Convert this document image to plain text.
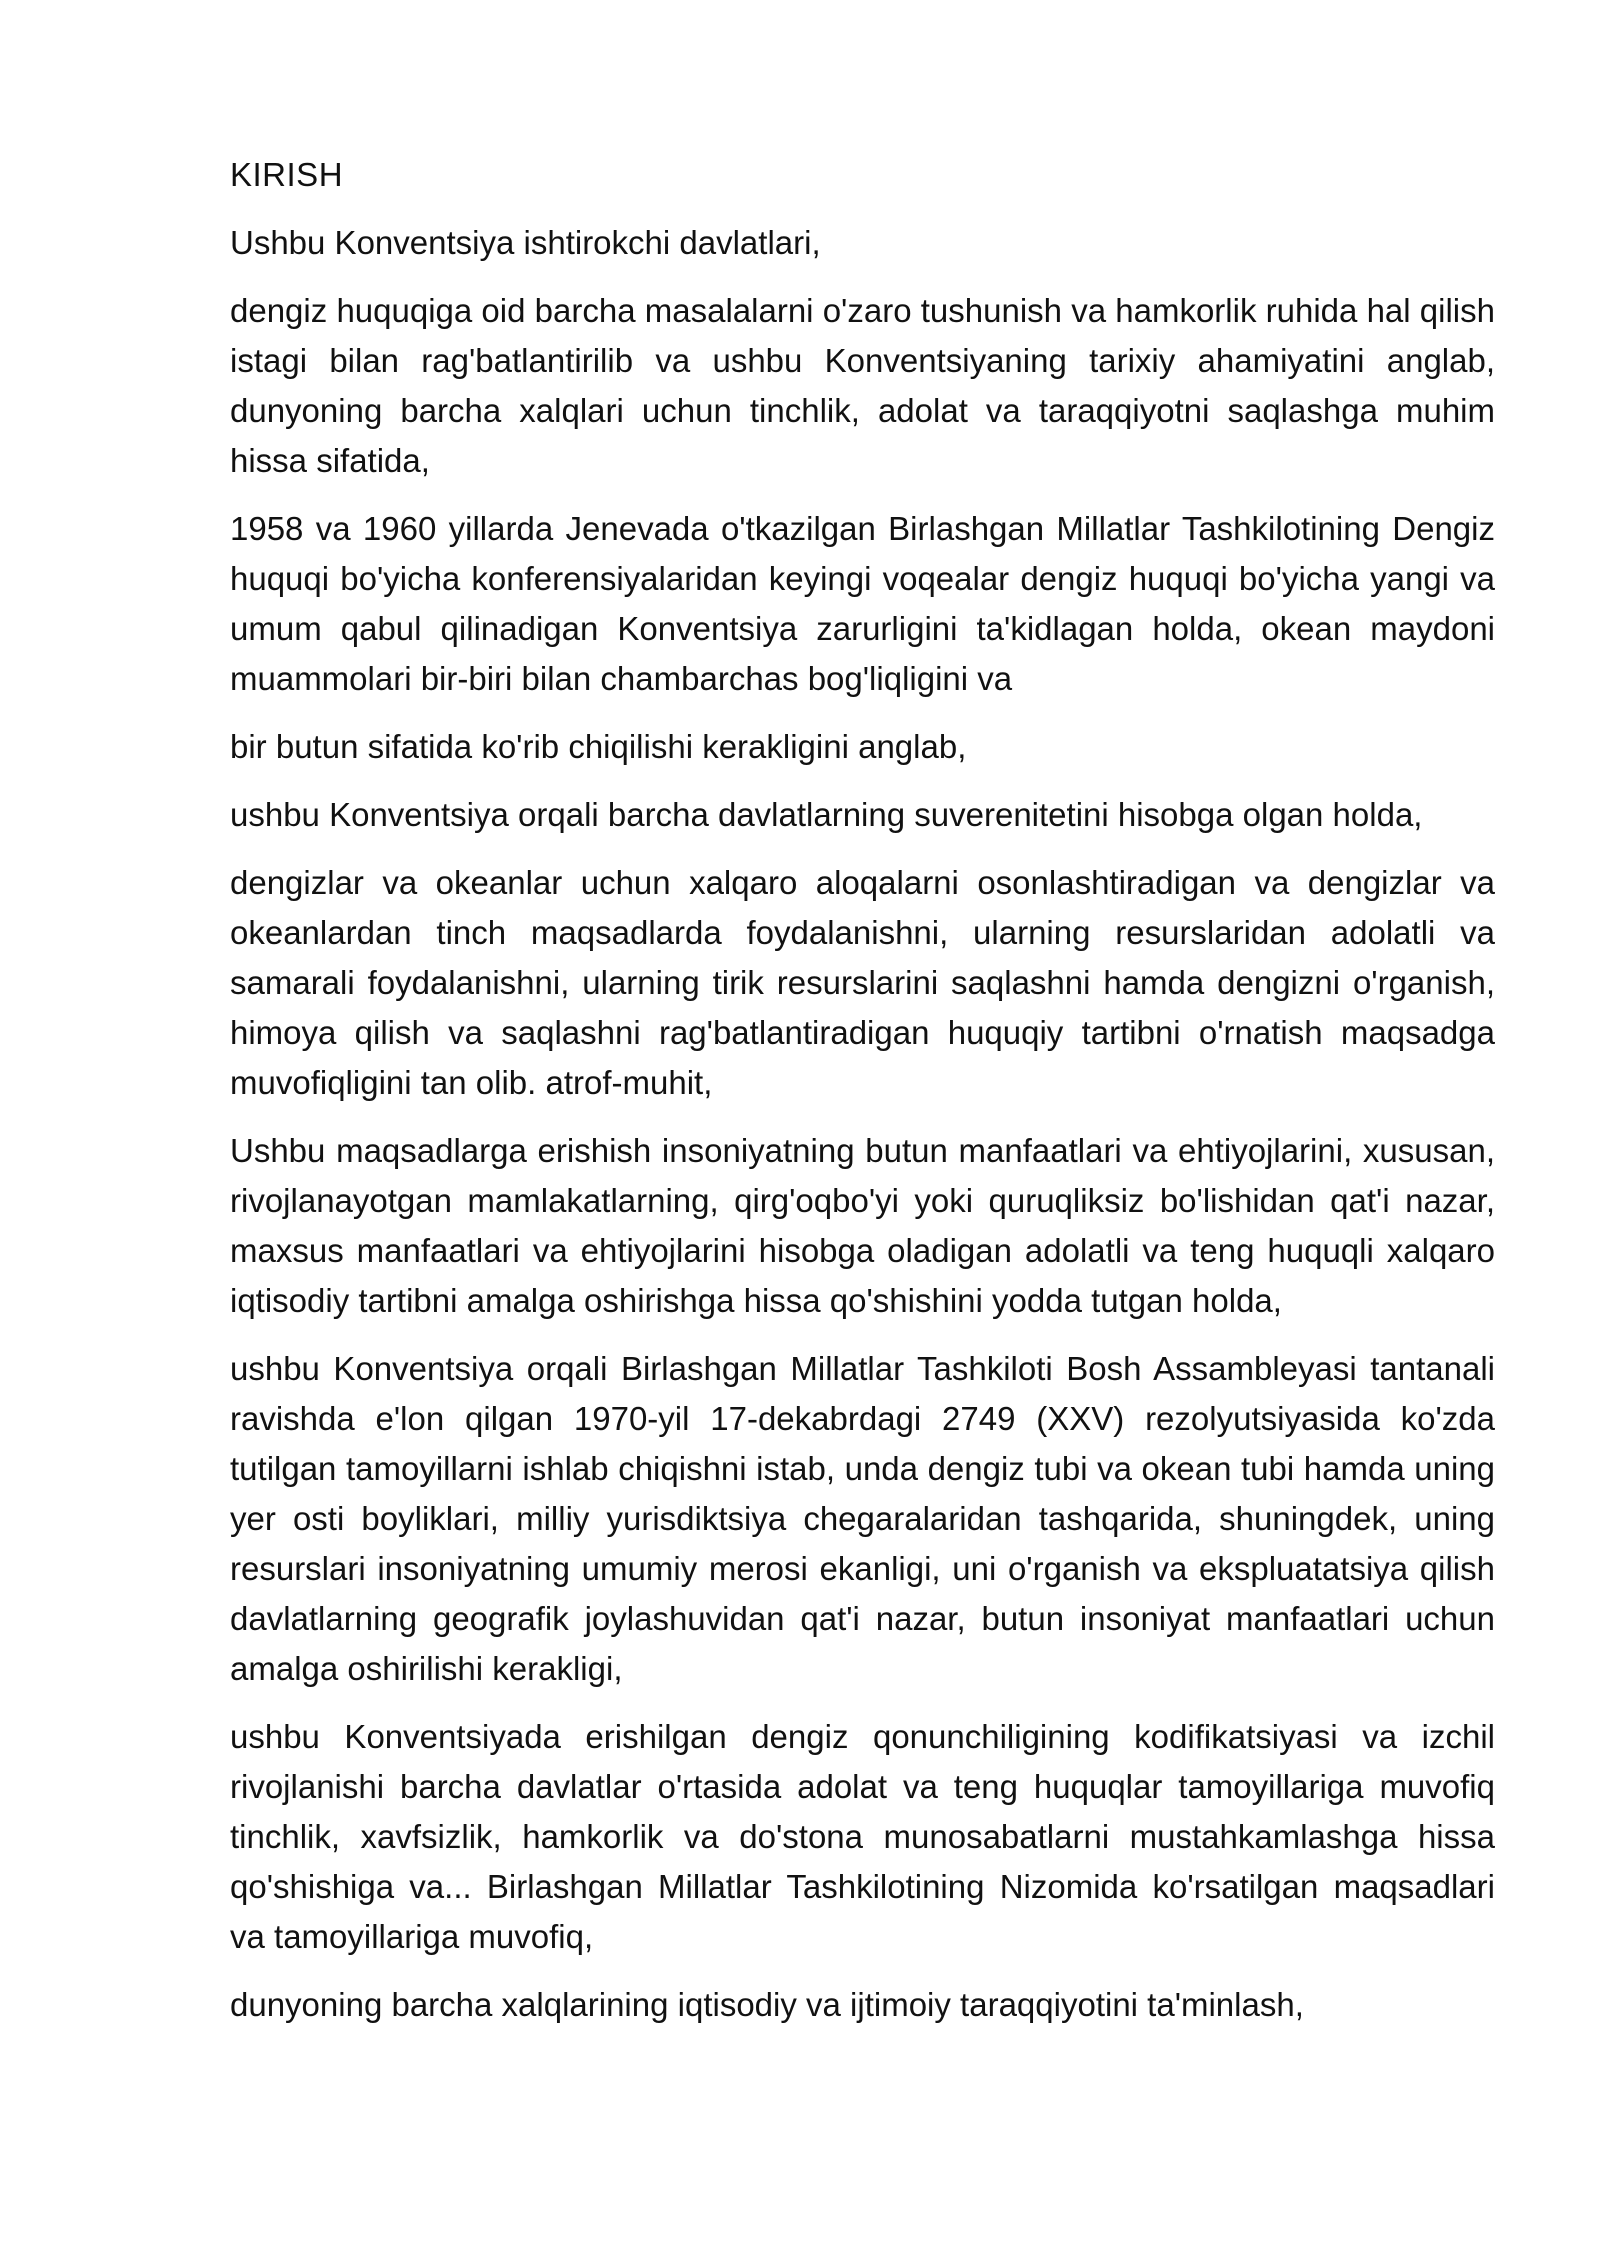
KIRISH

Ushbu Konventsiya ishtirokchi davlatlari,

dengiz huquqiga oid barcha masalalarni o'zaro tushunish va hamkorlik ruhida hal qilish istagi bilan rag'batlantirilib va ushbu Konventsiyaning tarixiy ahamiyatini anglab, dunyoning barcha xalqlari uchun tinchlik, adolat va taraqqiyotni saqlashga muhim hissa sifatida,

1958 va 1960 yillarda Jenevada o'tkazilgan Birlashgan Millatlar Tashkilotining Dengiz huquqi bo'yicha konferensiyalaridan keyingi voqealar dengiz huquqi bo'yicha yangi va umum qabul qilinadigan Konventsiya zarurligini ta'kidlagan holda, okean maydoni muammolari bir-biri bilan chambarchas bog'liqligini va

bir butun sifatida ko'rib chiqilishi kerakligini anglab,

ushbu Konventsiya orqali barcha davlatlarning suverenitetini hisobga olgan holda,

dengizlar va okeanlar uchun xalqaro aloqalarni osonlashtiradigan va dengizlar va okeanlardan tinch maqsadlarda foydalanishni, ularning resurslaridan adolatli va samarali foydalanishni, ularning tirik resurslarini saqlashni hamda dengizni o'rganish, himoya qilish va saqlashni rag'batlantiradigan huquqiy tartibni o'rnatish maqsadga muvofiqligini tan olib. atrof-muhit,

Ushbu maqsadlarga erishish insoniyatning butun manfaatlari va ehtiyojlarini, xususan, rivojlanayotgan mamlakatlarning, qirg'oqbo'yi yoki quruqliksiz bo'lishidan qat'i nazar, maxsus manfaatlari va ehtiyojlarini hisobga oladigan adolatli va teng huquqli xalqaro iqtisodiy tartibni amalga oshirishga hissa qo'shishini yodda tutgan holda,

ushbu Konventsiya orqali Birlashgan Millatlar Tashkiloti Bosh Assambleyasi tantanali ravishda e'lon qilgan 1970-yil 17-dekabrdagi 2749 (XXV) rezolyutsiyasida ko'zda tutilgan tamoyillarni ishlab chiqishni istab, unda dengiz tubi va okean tubi hamda uning yer osti boyliklari, milliy yurisdiktsiya chegaralaridan tashqarida, shuningdek, uning resurslari insoniyatning umumiy merosi ekanligi, uni o'rganish va ekspluatatsiya qilish davlatlarning geografik joylashuvidan qat'i nazar, butun insoniyat manfaatlari uchun amalga oshirilishi kerakligi,

ushbu Konventsiyada erishilgan dengiz qonunchiligining kodifikatsiyasi va izchil rivojlanishi barcha davlatlar o'rtasida adolat va teng huquqlar tamoyillariga muvofiq tinchlik, xavfsizlik, hamkorlik va do'stona munosabatlarni mustahkamlashga hissa qo'shishiga va... Birlashgan Millatlar Tashkilotining Nizomida ko'rsatilgan maqsadlari va tamoyillariga muvofiq,

dunyoning barcha xalqlarining iqtisodiy va ijtimoiy taraqqiyotini ta'minlash,
